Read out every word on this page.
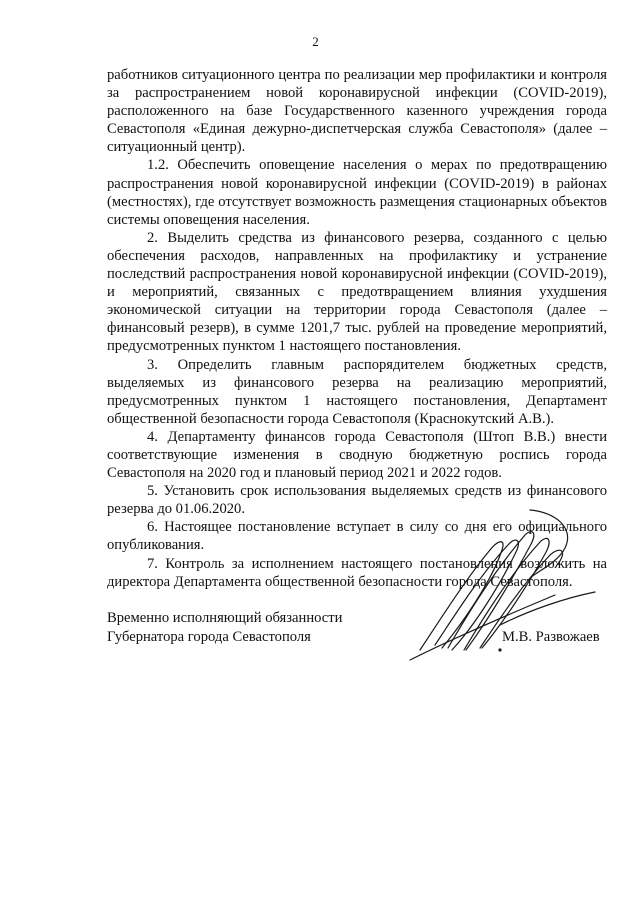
2

работников ситуационного центра по реализации мер профилактики и контроля за распространением новой коронавирусной инфекции (COVID-2019), расположенного на базе Государственного казенного учреждения города Севастополя «Единая дежурно-диспетчерская служба Севастополя» (далее – ситуационный центр).

1.2. Обеспечить оповещение населения о мерах по предотвращению распространения новой коронавирусной инфекции (COVID-2019) в районах (местностях), где отсутствует возможность размещения стационарных объектов системы оповещения населения.

2. Выделить средства из финансового резерва, созданного с целью обеспечения расходов, направленных на профилактику и устранение последствий распространения новой коронавирусной инфекции (COVID-2019), и мероприятий, связанных с предотвращением влияния ухудшения экономической ситуации на территории города Севастополя (далее – финансовый резерв), в сумме 1201,7 тыс. рублей на проведение мероприятий, предусмотренных пунктом 1 настоящего постановления.

3. Определить главным распорядителем бюджетных средств, выделяемых из финансового резерва на реализацию мероприятий, предусмотренных пунктом 1 настоящего постановления, Департамент общественной безопасности города Севастополя (Краснокутский А.В.).

4. Департаменту финансов города Севастополя (Штоп В.В.) внести соответствующие изменения в сводную бюджетную роспись города Севастополя на 2020 год и плановый период 2021 и 2022 годов.

5. Установить срок использования выделяемых средств из финансового резерва до 01.06.2020.

6. Настоящее постановление вступает в силу со дня его официального опубликования.

7. Контроль за исполнением настоящего постановления возложить на директора Департамента общественной безопасности города Севастополя.

Временно исполняющий обязанности
Губернатора города Севастополя	М.В. Развожаев
